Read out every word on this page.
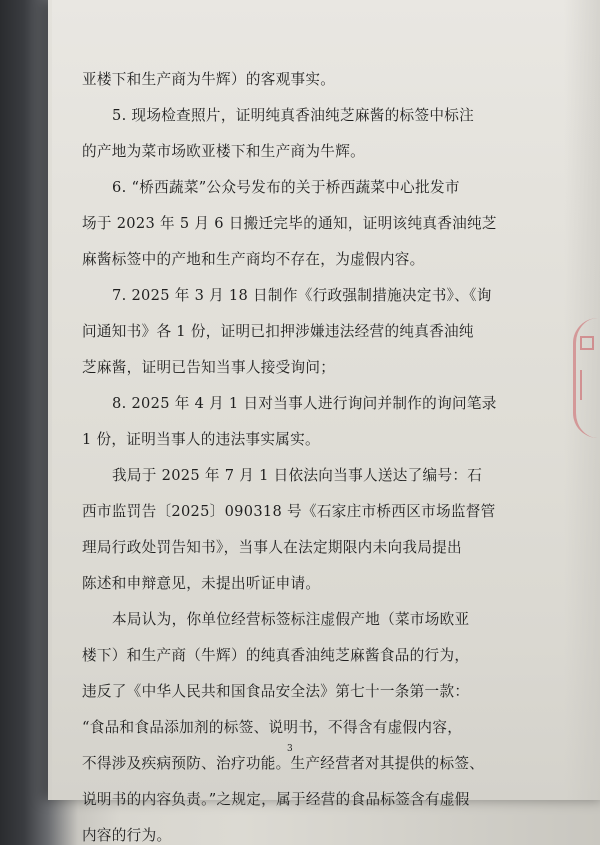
亚楼下和生产商为牛辉）的客观事实。
5. 现场检查照片，证明纯真香油纯芝麻酱的标签中标注
的产地为菜市场欧亚楼下和生产商为牛辉。
6. “桥西蔬菜”公众号发布的关于桥西蔬菜中心批发市
场于 2023 年 5 月 6 日搬迁完毕的通知，证明该纯真香油纯芝
麻酱标签中的产地和生产商均不存在，为虚假内容。
7. 2025 年 3 月 18 日制作《行政强制措施决定书》、《询
问通知书》各 1 份，证明已扣押涉嫌违法经营的纯真香油纯
芝麻酱，证明已告知当事人接受询问；
8. 2025 年 4 月 1 日对当事人进行询问并制作的询问笔录
1 份，证明当事人的违法事实属实。
我局于 2025 年 7 月 1 日依法向当事人送达了编号：石
西市监罚告〔2025〕090318 号《石家庄市桥西区市场监督管
理局行政处罚告知书》，当事人在法定期限内未向我局提出
陈述和申辩意见，未提出听证申请。
本局认为，你单位经营标签标注虚假产地（菜市场欧亚
楼下）和生产商（牛辉）的纯真香油纯芝麻酱食品的行为，
违反了《中华人民共和国食品安全法》第七十一条第一款：
“食品和食品添加剂的标签、说明书，不得含有虚假内容，
不得涉及疾病预防、治疗功能。生产经营者对其提供的标签、
说明书的内容负责。”之规定，属于经营的食品标签含有虚假
内容的行为。
3
